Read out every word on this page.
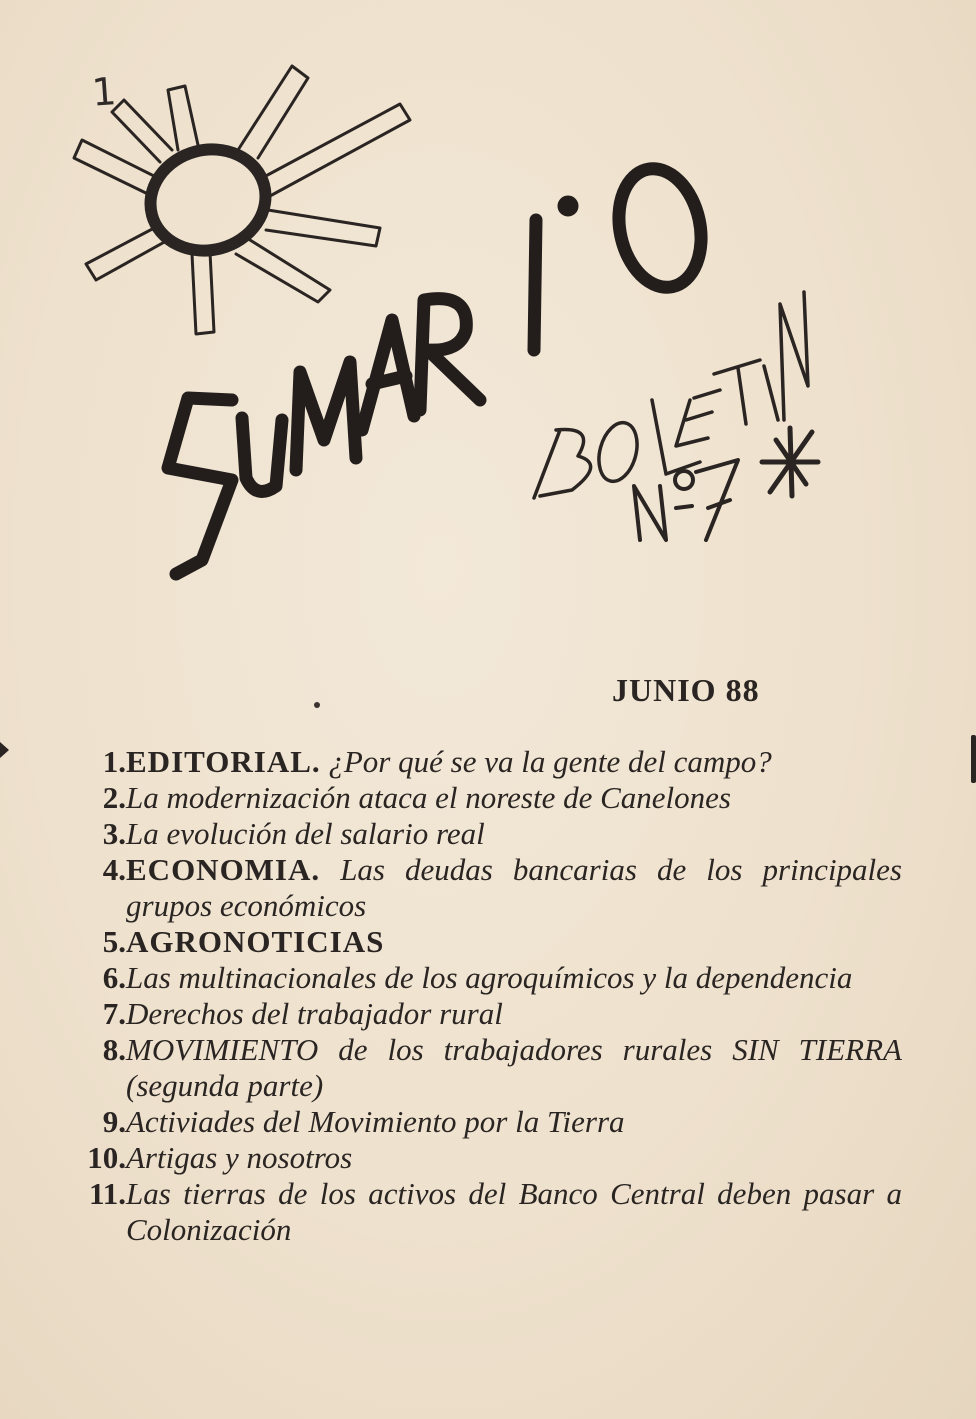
1
JUNIO 88
1. EDITORIAL. ¿Por qué se va la gente del campo?
2. La modernización ataca el noreste de Canelones
3. La evolución del salario real
4. ECONOMIA. Las deudas bancarias de los principales grupos económicos
5. AGRONOTICIAS
6. Las multinacionales de los agroquímicos y la dependencia
7. Derechos del trabajador rural
8. MOVIMIENTO de los trabajadores rurales SIN TIERRA (segunda parte)
9. Activiades del Movimiento por la Tierra
10. Artigas y nosotros
11. Las tierras de los activos del Banco Central deben pasar a Colonización
